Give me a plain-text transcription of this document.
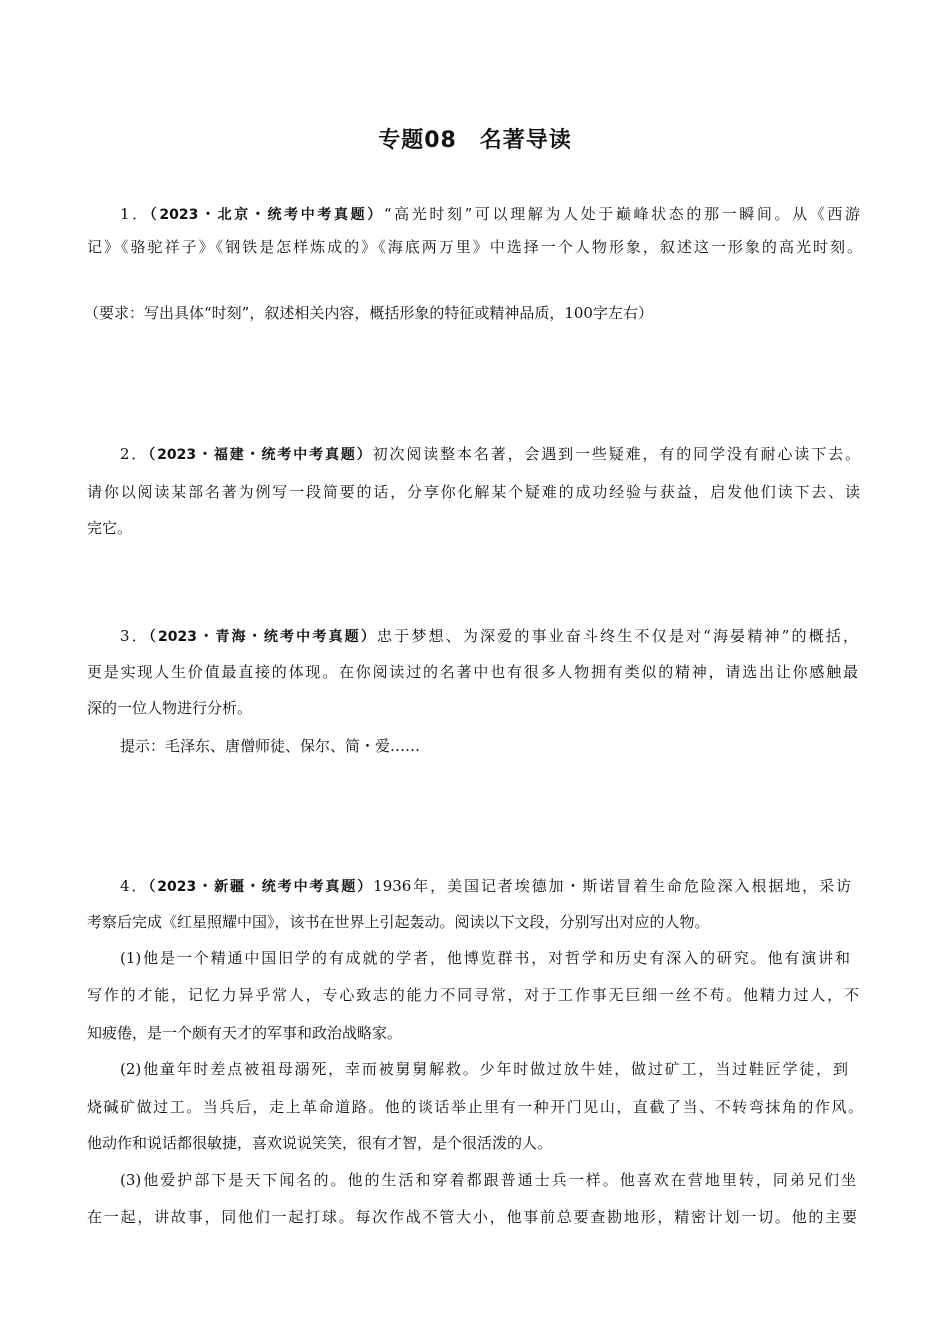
专题08　名著导读
1．（2023・北京・统考中考真题）“高光时刻”可以理解为人处于巅峰状态的那一瞬间。从《西游
记》《骆驼祥子》《钢铁是怎样炼成的》《海底两万里》中选择一个人物形象，叙述这一形象的高光时刻。
（要求：写出具体“时刻”，叙述相关内容，概括形象的特征或精神品质，100字左右）
2．（2023・福建・统考中考真题）初次阅读整本名著，会遇到一些疑难，有的同学没有耐心读下去。
请你以阅读某部名著为例写一段简要的话，分享你化解某个疑难的成功经验与获益，启发他们读下去、读
完它。
3．（2023・青海・统考中考真题）忠于梦想、为深爱的事业奋斗终生不仅是对“海晏精神”的概括，
更是实现人生价值最直接的体现。在你阅读过的名著中也有很多人物拥有类似的精神，请选出让你感触最
深的一位人物进行分析。
提示：毛泽东、唐僧师徒、保尔、简・爱……
4．（2023・新疆・统考中考真题）1936年，美国记者埃德加・斯诺冒着生命危险深入根据地，采访
考察后完成《红星照耀中国》，该书在世界上引起轰动。阅读以下文段，分别写出对应的人物。
(1)他是一个精通中国旧学的有成就的学者，他博览群书，对哲学和历史有深入的研究。他有演讲和
写作的才能，记忆力异乎常人，专心致志的能力不同寻常，对于工作事无巨细一丝不苟。他精力过人，不
知疲倦，是一个颇有天才的军事和政治战略家。
(2)他童年时差点被祖母溺死，幸而被舅舅解救。少年时做过放牛娃，做过矿工，当过鞋匠学徒，到
烧碱矿做过工。当兵后，走上革命道路。他的谈话举止里有一种开门见山，直截了当、不转弯抹角的作风。
他动作和说话都很敏捷，喜欢说说笑笑，很有才智，是个很活泼的人。
(3)他爱护部下是天下闻名的。他的生活和穿着都跟普通士兵一样。他喜欢在营地里转，同弟兄们坐
在一起，讲故事，同他们一起打球。每次作战不管大小，他事前总要查勘地形，精密计划一切。他的主要
